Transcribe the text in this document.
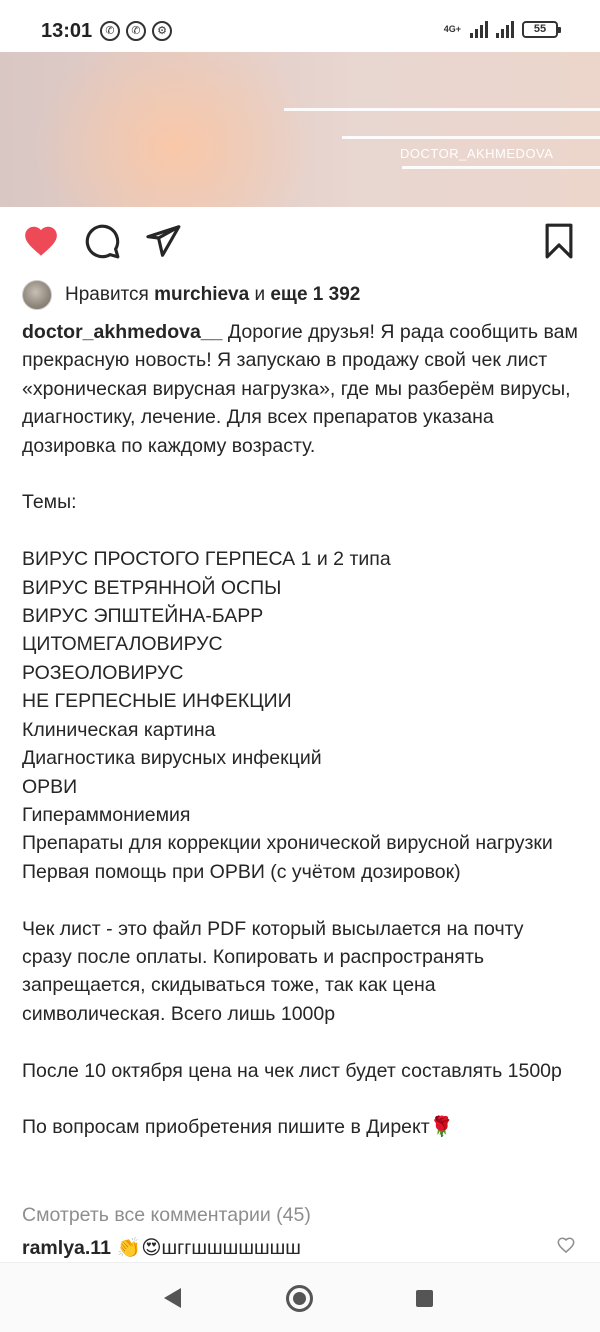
13:01	✆	✆	⚙	4G+	55
DOCTOR_AKHMEDOVA
Нравится murchieva и еще 1 392
doctor_akhmedova__ Дорогие друзья! Я рада сообщить вам прекрасную новость! Я запускаю в продажу свой чек лист «хроническая вирусная нагрузка», где мы разберём вирусы, диагностику, лечение. Для всех препаратов указана дозировка по каждому возрасту.

Темы:

ВИРУС ПРОСТОГО ГЕРПЕСА 1 и 2 типа
ВИРУС ВЕТРЯННОЙ ОСПЫ
ВИРУС ЭПШТЕЙНА-БАРР
ЦИТОМЕГАЛОВИРУС
РОЗЕОЛОВИРУС
НЕ ГЕРПЕСНЫЕ ИНФЕКЦИИ
Клиническая картина
Диагностика вирусных инфекций
ОРВИ
Гипераммониемия
Препараты для коррекции хронической вирусной нагрузки
Первая помощь при ОРВИ (с учётом дозировок)

Чек лист - это файл PDF который высылается на почту сразу после оплаты. Копировать и распространять запрещается, скидываться тоже, так как цена символическая. Всего лишь 1000р

После 10 октября цена на чек лист будет составлять 1500р

По вопросам приобретения пишите в Директ🌹
Смотреть все комментарии (45)
ramlya.11 👏😍шггшшшшшшш
